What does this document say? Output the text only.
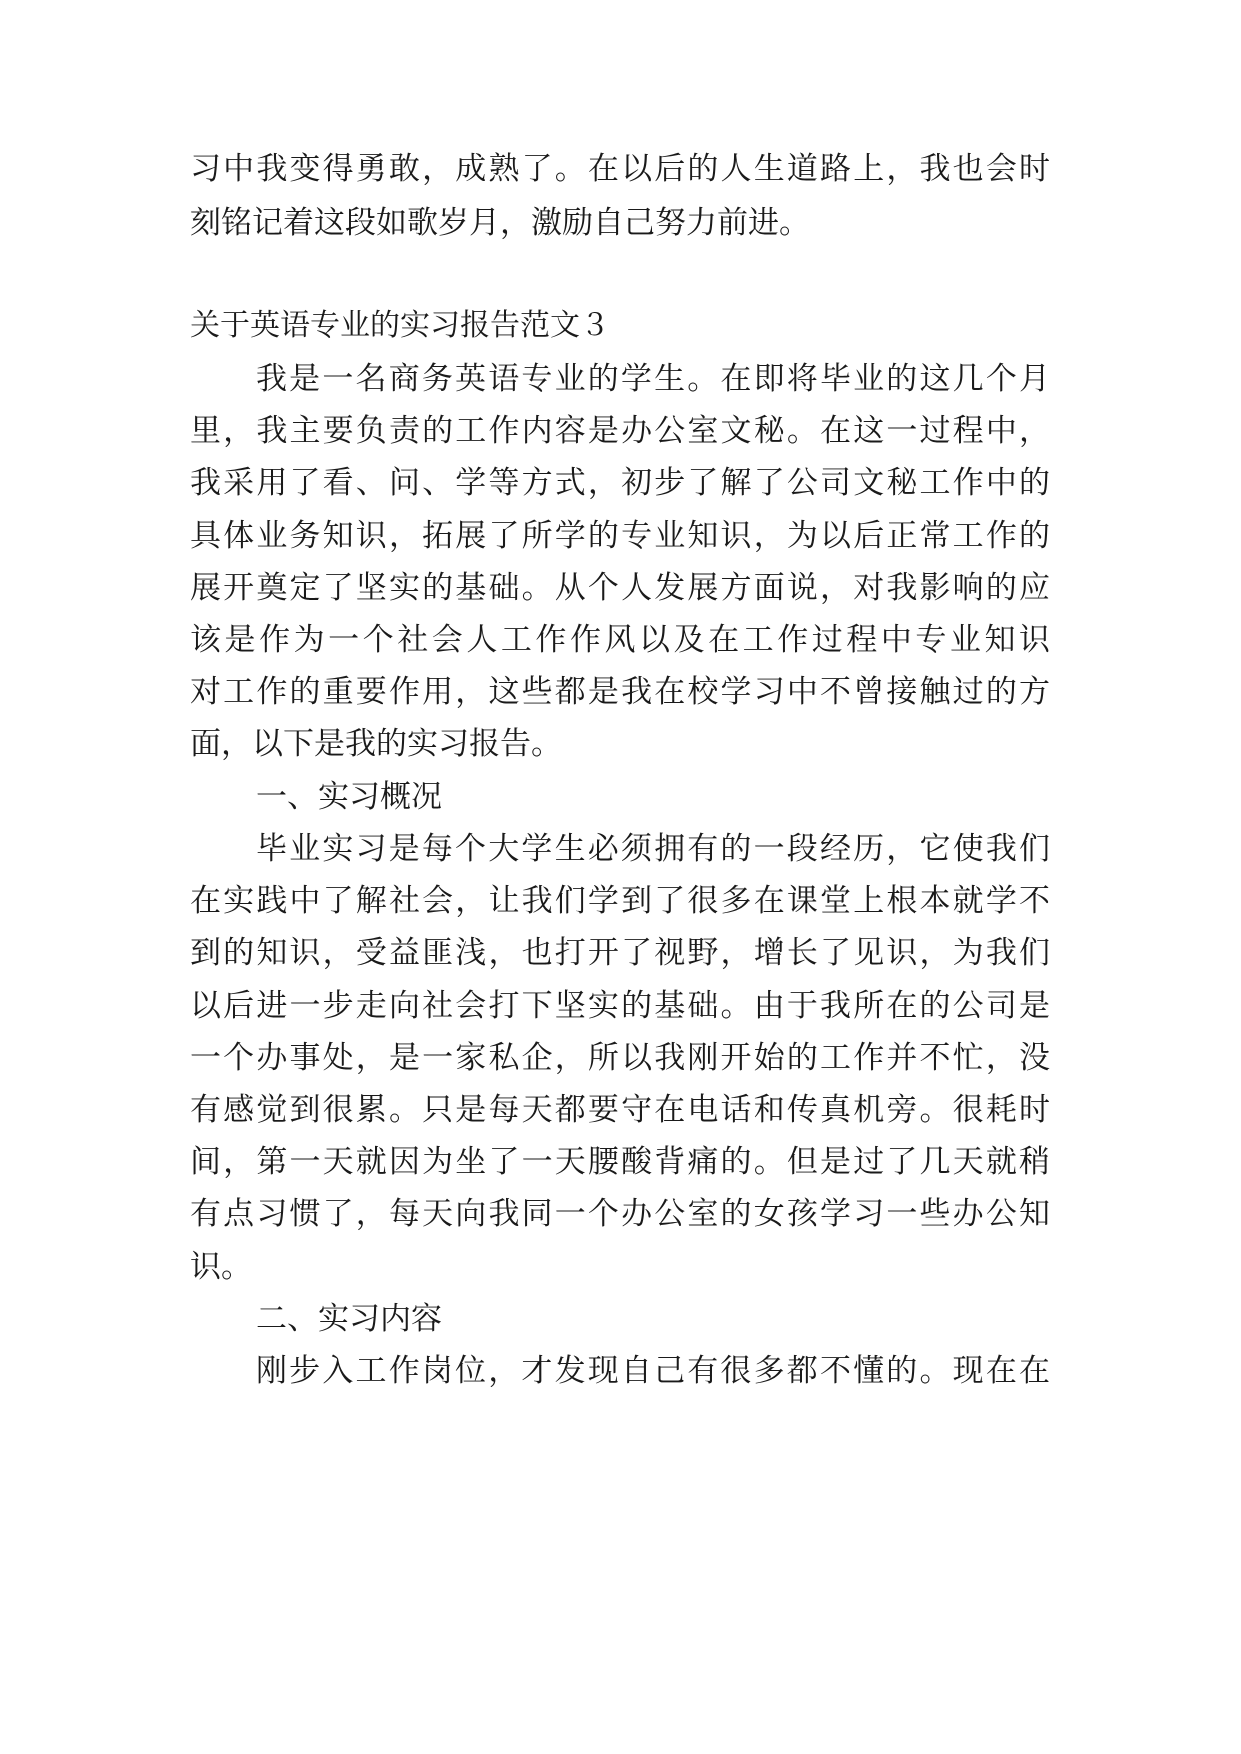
习中我变得勇敢，成熟了。在以后的人生道路上，我也会时
刻铭记着这段如歌岁月，激励自己努力前进。
关于英语专业的实习报告范文３
我是一名商务英语专业的学生。在即将毕业的这几个月
里，我主要负责的工作内容是办公室文秘。在这一过程中，
我采用了看、问、学等方式，初步了解了公司文秘工作中的
具体业务知识，拓展了所学的专业知识，为以后正常工作的
展开奠定了坚实的基础。从个人发展方面说，对我影响的应
该是作为一个社会人工作作风以及在工作过程中专业知识
对工作的重要作用，这些都是我在校学习中不曾接触过的方
面，以下是我的实习报告。
一、实习概况
毕业实习是每个大学生必须拥有的一段经历，它使我们
在实践中了解社会，让我们学到了很多在课堂上根本就学不
到的知识，受益匪浅，也打开了视野，增长了见识，为我们
以后进一步走向社会打下坚实的基础。由于我所在的公司是
一个办事处，是一家私企，所以我刚开始的工作并不忙，没
有感觉到很累。只是每天都要守在电话和传真机旁。很耗时
间，第一天就因为坐了一天腰酸背痛的。但是过了几天就稍
有点习惯了，每天向我同一个办公室的女孩学习一些办公知
识。
二、实习内容
刚步入工作岗位，才发现自己有很多都不懂的。现在在
